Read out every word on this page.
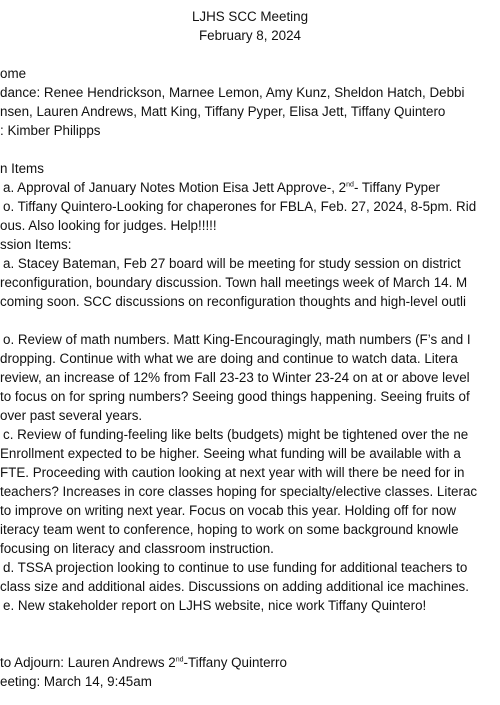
LJHS SCC Meeting
February 8, 2024
ome
dance: Renee Hendrickson, Marnee Lemon, Amy Kunz, Sheldon Hatch, Debbi
nsen, Lauren Andrews, Matt King, Tiffany Pyper, Elisa Jett, Tiffany Quintero
: Kimber Philipps
n Items
a. Approval of January Notes Motion Eisa Jett Approve-, 2nd- Tiffany Pyper
o. Tiffany Quintero-Looking for chaperones for FBLA, Feb. 27, 2024, 8-5pm. Rid
ous. Also looking for judges. Help!!!!!
ssion Items:
a. Stacey Bateman, Feb 27 board will be meeting for study session on district
reconfiguration, boundary discussion. Town hall meetings week of March 14. M
coming soon. SCC discussions on reconfiguration thoughts and high-level outli
o. Review of math numbers. Matt King-Encouragingly, math numbers (F’s and I
dropping. Continue with what we are doing and continue to watch data. Litera
review, an increase of 12% from Fall 23-23 to Winter 23-24 on at or above level
to focus on for spring numbers? Seeing good things happening. Seeing fruits of
over past several years.
c. Review of funding-feeling like belts (budgets) might be tightened over the ne
Enrollment expected to be higher. Seeing what funding will be available with a
FTE. Proceeding with caution looking at next year with will there be need for in
teachers? Increases in core classes hoping for specialty/elective classes. Literac
to improve on writing next year. Focus on vocab this year. Holding off for now
iteracy team went to conference, hoping to work on some background knowle
focusing on literacy and classroom instruction.
d. TSSA projection looking to continue to use funding for additional teachers to
class size and additional aides. Discussions on adding additional ice machines.
e. New stakeholder report on LJHS website, nice work Tiffany Quintero!
to Adjourn: Lauren Andrews 2nd-Tiffany Quinterro
eeting: March 14, 9:45am
